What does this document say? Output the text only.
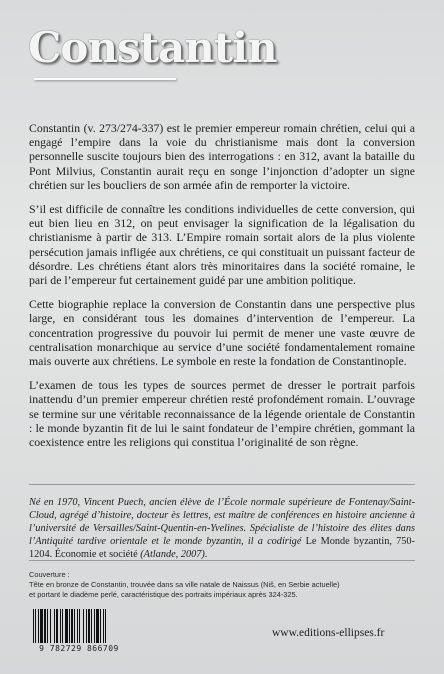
Constantin

Constantin (v. 273/274-337) est le premier empereur romain chrétien, celui qui a engagé l’empire dans la voie du christianisme mais dont la conversion personnelle suscite toujours bien des interrogations : en 312, avant la bataille du Pont Milvius, Constantin aurait reçu en songe l’injonction d’adopter un signe chrétien sur les boucliers de son armée afin de remporter la victoire.

S’il est difficile de connaître les conditions individuelles de cette conversion, qui eut bien lieu en 312, on peut envisager la signification de la légalisation du christianisme à partir de 313. L’Empire romain sortait alors de la plus violente persécution jamais infligée aux chrétiens, ce qui constituait un puissant facteur de désordre. Les chrétiens étant alors très minoritaires dans la société romaine, le pari de l’empereur fut certainement guidé par une ambition politique.

Cette biographie replace la conversion de Constantin dans une perspective plus large, en considérant tous les domaines d’intervention de l’empereur. La concentration progressive du pouvoir lui permit de mener une vaste œuvre de centralisation monarchique au service d’une société fondamentalement romaine mais ouverte aux chrétiens. Le symbole en reste la fondation de Constantinople.

L’examen de tous les types de sources permet de dresser le portrait parfois inattendu d’un premier empereur chrétien resté profondément romain. L’ouvrage se termine sur une véritable reconnaissance de la légende orientale de Constantin : le monde byzantin fit de lui le saint fondateur de l’empire chrétien, gommant la coexistence entre les religions qui constitua l’originalité de son règne.

Né en 1970, Vincent Puech, ancien élève de l’École normale supérieure de Fontenay/Saint-Cloud, agrégé d’histoire, docteur ès lettres, est maître de conférences en histoire ancienne à l’université de Versailles/Saint-Quentin-en-Yvelines. Spécialiste de l’histoire des élites dans l’Antiquité tardive orientale et le monde byzantin, il a codirigé Le Monde byzantin, 750-1204. Économie et société (Atlande, 2007).
Couverture :
Tête en bronze de Constantin, trouvée dans sa ville natale de Naissus (Niš, en Serbie actuelle)
et portant le diadème perlé, caractéristique des portraits impériaux après 324-325.
9 782729 866709
www.editions-ellipses.fr
